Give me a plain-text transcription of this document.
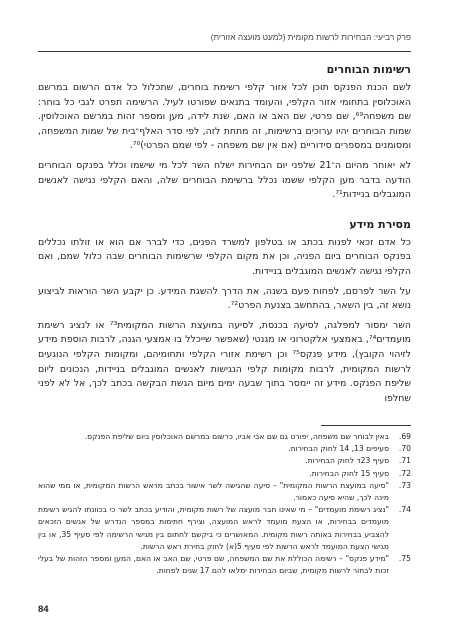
פרק רביעי: הבחירות לרשות מקומית (למעט מועצה אזורית)
רשימות הבוחרים

לשם הכנת הפנקס תוכן לכל אזור קלפי רשימת בוחרים, שתכלול כל אדם הרשום במרשם האוכלוסין בתחומי אזור הקלפי, והעומד בתנאים שפורטו לעיל. הרשימה תפרט לגבי כל בוחר: שם משפחה⁶⁹, שם פרטי, שם האב או האם, שנת לידה, מען ומספר זהות במרשם האוכלוסין. שמות הבוחרים יהיו ערוכים ברשימות, זה מתחת לזה, לפי סדר האלף־בית של שמות המשפחה, ומסומנים במספרים סידוריים (אם אין שם משפחה - לפי שמם הפרטי)⁷⁰.

לא יאוחר מהיום ה־21 שלפני יום הבחירות ישלח השר לכל מי שישמו וכלל בפנקס הבוחרים הודעה בדבר מען הקלפי ששמו נכלל ברשימת הבוחרים שלה, והאם הקלפי נגישה לאנשים המוגבלים בניידות⁷¹.

מסירת מידע

כל אדם זכאי לפנות בכתב או בטלפון למשרד הפנים, כדי לברר אם הוא או זולתו נכללים בפנקס הבוחרים ביום הפניה, וכן את מקום הקלפי שרשימות הבוחרים שבה כלול שמם, ואם הקלפי נגישה לאנשים המוגבלים בניידות.

על השר לפרסם, לפחות פעם בשנה, את הדרך להשגת המידע. כן יקבע השר הוראות לביצוע נושא זה, בין השאר, בהתחשב בצנעת הפרט⁷².

השר ימסור למפלגה, לסיעה בכנסת, לסיעה במועצת הרשות המקומית⁷³ או לנציג רשימת מועמדים⁷⁴, באמצעי אלקטרוני או מגנטי (שאפשר שייכלל בו אמצעי הגנה, לרבות הוספת מידע לזיהוי הקובץ), מידע פנקס⁷⁵ וכן רשימת אזורי הקלפי ותחומיהם, ומקומות הקלפי הנוגעים לרשות המקומית, לרבות מקומות קלפי הנגישות לאנשים המוגבלים בניידות, הנכונים ליום שליפת הפנקס. מידע זה יימסר בתוך שבעה ימים מיום הגשת הבקשה בכתב לכך, אל לא לפני שחלפו

.69
באין לבוחר שם משפחה, יפורט גם שם אבי אביו, כרשום במרשם האוכלוסין ביום שליפת הפנקס.
.70
סעיפים 13, 14 לחוק הבחירות.
.71
סעיף 23ד לחוק הבחירות.
.72
סעיף 15 לחוק הבחירות.
.73
"סיעה במועצת הרשות המקומית" – סיעה שהגישה לשר אישור בכתב מראש הרשות המקומית, או ממי שהוא מינה לכך, שהיא סיעה כאמור.
.74
"נציג רשימת מועמדים" – מי שאינו חבר מועצה של רשות מקומית, והודיע בכתב לשר כי בכוונתו להגיש רשימת מועמדים בבחירות, או הצעת מועמד לראש המועצה, וצירף חתימות במספר הנדרש של אנשים הזכאים להצביע בבחירות באותה רשות מקומית. המאושרים כי ביקשם לחתום בין מגישי הרשימה לפי סעיף 35, או בין מגישי הצעת המועמד לראש הרשות לפי סעיף 5(א) לחוק בחירת ראש הרשות.
.75
"מידע פנקס" – רשימה הכוללת את שם המשפחה, שם פרטי, שם האב או האם, המען ומספר הזהות של בעלי זכות לבחור לרשות מקומית, שביום הבחירות ימלאו להם 17 שנים לפחות.
84
